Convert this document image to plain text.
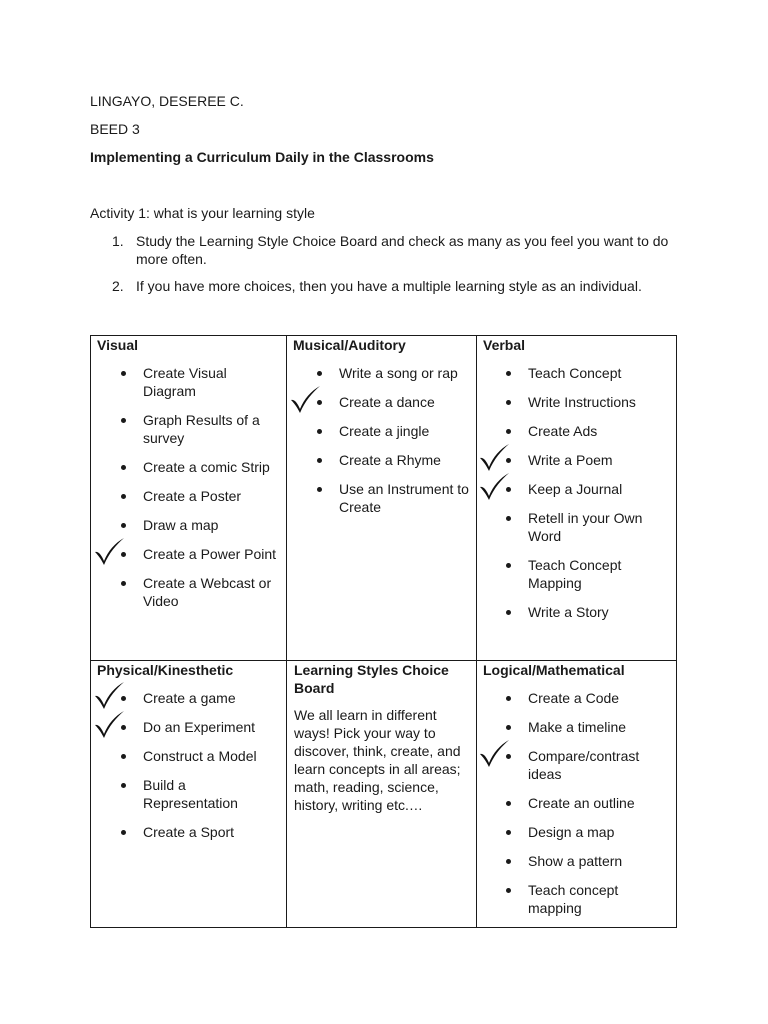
LINGAYO, DESEREE C.
BEED 3
Implementing a Curriculum Daily in the Classrooms
Activity 1: what is your learning style
1. Study the Learning Style Choice Board and check as many as you feel you want to do more often.
2. If you have more choices, then you have a multiple learning style as an individual.
Visual
Create Visual Diagram
Graph Results of a survey
Create a comic Strip
Create a Poster
Draw a map
Create a Power Point
Create a Webcast or Video
Musical/Auditory
Write a song or rap
Create a dance
Create a jingle
Create a Rhyme
Use an Instrument to Create
Verbal
Teach Concept
Write Instructions
Create Ads
Write a Poem
Keep a Journal
Retell in your Own Word
Teach Concept Mapping
Write a Story
Physical/Kinesthetic
Create a game
Do an Experiment
Construct a Model
Build a Representation
Create a Sport
Learning Styles Choice Board
We all learn in different ways! Pick your way to discover, think, create, and learn concepts in all areas; math, reading, science, history, writing etc.…
Logical/Mathematical
Create a Code
Make a timeline
Compare/contrast ideas
Create an outline
Design a map
Show a pattern
Teach concept mapping
